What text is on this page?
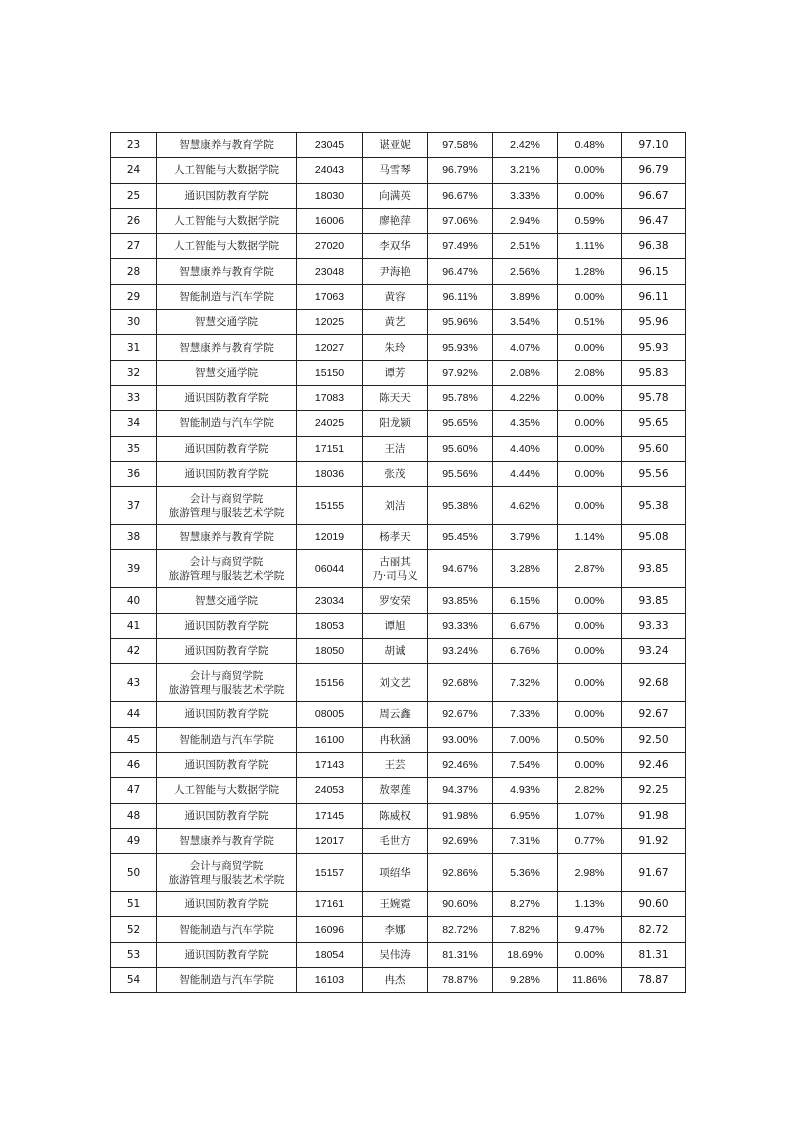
23	智慧康养与教育学院	23045	谌亚妮	97.58%	2.42%	0.48%	97.10
24	人工智能与大数据学院	24043	马雪琴	96.79%	3.21%	0.00%	96.79
25	通识国防教育学院	18030	向满英	96.67%	3.33%	0.00%	96.67
26	人工智能与大数据学院	16006	廖艳萍	97.06%	2.94%	0.59%	96.47
27	人工智能与大数据学院	27020	李双华	97.49%	2.51%	1.11%	96.38
28	智慧康养与教育学院	23048	尹海艳	96.47%	2.56%	1.28%	96.15
29	智能制造与汽车学院	17063	黄容	96.11%	3.89%	0.00%	96.11
30	智慧交通学院	12025	黄艺	95.96%	3.54%	0.51%	95.96
31	智慧康养与教育学院	12027	朱玲	95.93%	4.07%	0.00%	95.93
32	智慧交通学院	15150	谭芳	97.92%	2.08%	2.08%	95.83
33	通识国防教育学院	17083	陈天天	95.78%	4.22%	0.00%	95.78
34	智能制造与汽车学院	24025	阳龙颍	95.65%	4.35%	0.00%	95.65
35	通识国防教育学院	17151	王洁	95.60%	4.40%	0.00%	95.60
36	通识国防教育学院	18036	张茂	95.56%	4.44%	0.00%	95.56
37	会计与商贸学院
旅游管理与服装艺术学院	15155	刘洁	95.38%	4.62%	0.00%	95.38
38	智慧康养与教育学院	12019	杨孝天	95.45%	3.79%	1.14%	95.08
39	会计与商贸学院
旅游管理与服装艺术学院	06044	古丽其
乃·司马义	94.67%	3.28%	2.87%	93.85
40	智慧交通学院	23034	罗安荣	93.85%	6.15%	0.00%	93.85
41	通识国防教育学院	18053	谭旭	93.33%	6.67%	0.00%	93.33
42	通识国防教育学院	18050	胡诚	93.24%	6.76%	0.00%	93.24
43	会计与商贸学院
旅游管理与服装艺术学院	15156	刘文艺	92.68%	7.32%	0.00%	92.68
44	通识国防教育学院	08005	周云鑫	92.67%	7.33%	0.00%	92.67
45	智能制造与汽车学院	16100	冉秋涵	93.00%	7.00%	0.50%	92.50
46	通识国防教育学院	17143	王芸	92.46%	7.54%	0.00%	92.46
47	人工智能与大数据学院	24053	敖翠莲	94.37%	4.93%	2.82%	92.25
48	通识国防教育学院	17145	陈威权	91.98%	6.95%	1.07%	91.98
49	智慧康养与教育学院	12017	毛世方	92.69%	7.31%	0.77%	91.92
50	会计与商贸学院
旅游管理与服装艺术学院	15157	项绍华	92.86%	5.36%	2.98%	91.67
51	通识国防教育学院	17161	王婉霓	90.60%	8.27%	1.13%	90.60
52	智能制造与汽车学院	16096	李娜	82.72%	7.82%	9.47%	82.72
53	通识国防教育学院	18054	吴伟涛	81.31%	18.69%	0.00%	81.31
54	智能制造与汽车学院	16103	冉杰	78.87%	9.28%	11.86%	78.87
